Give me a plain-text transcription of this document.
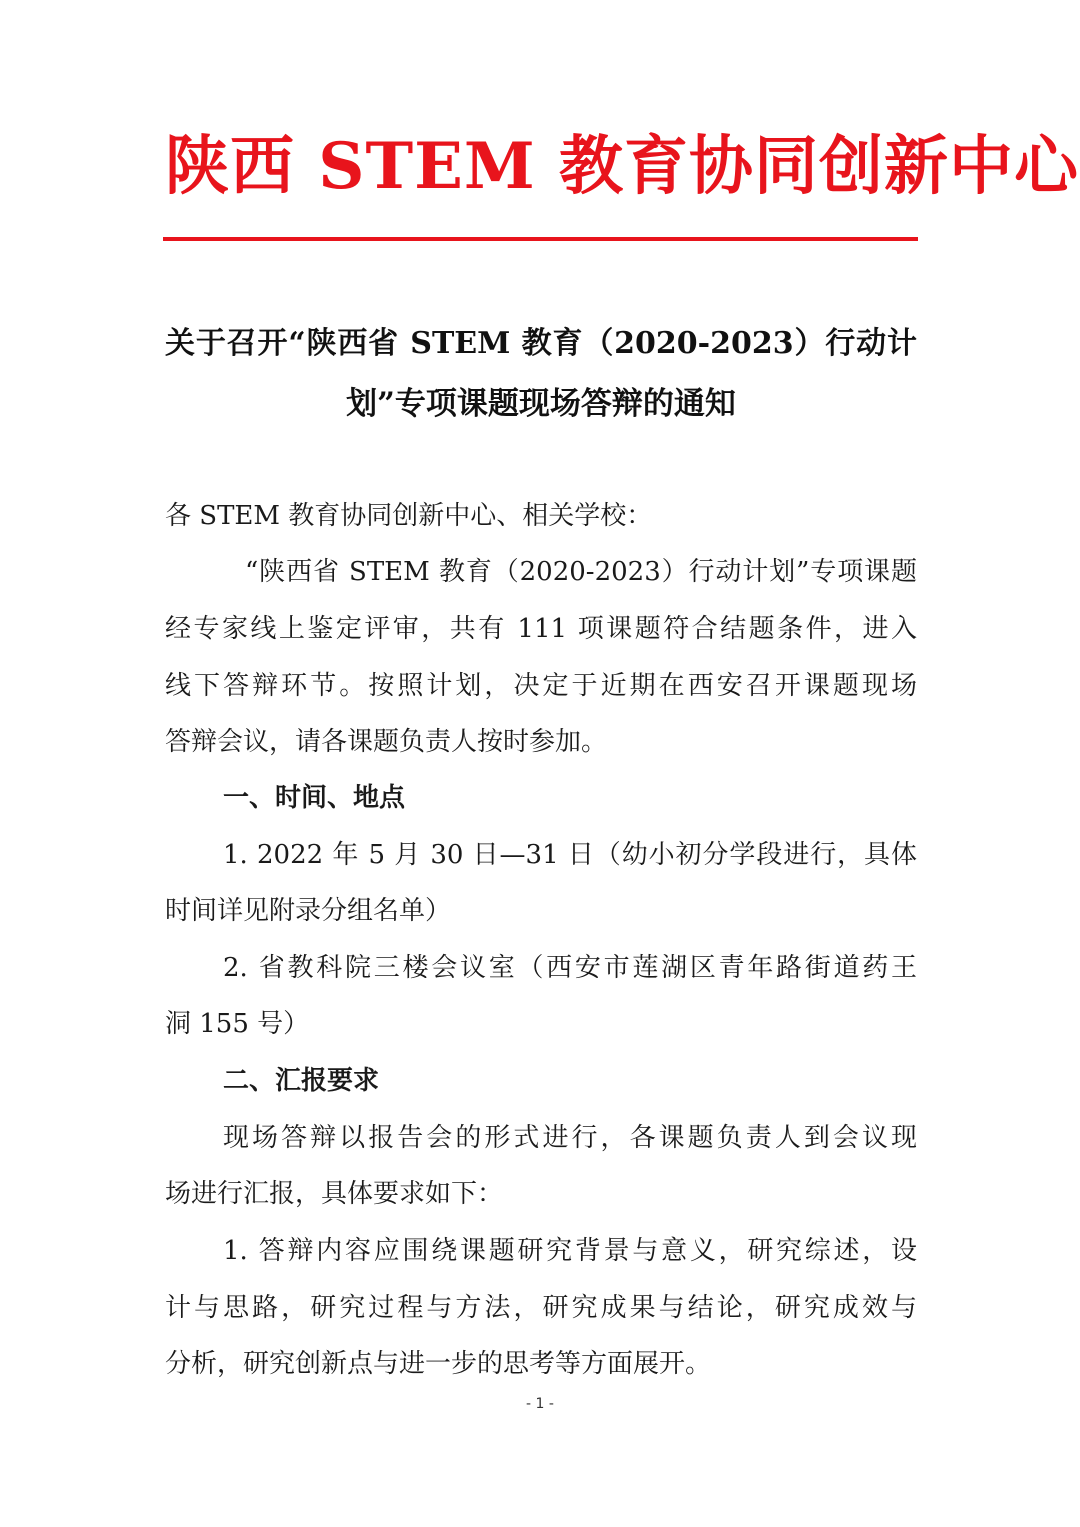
陕西 STEM 教育协同创新中心
关于召开“陕西省 STEM 教育（2020-2023）行动计
划”专项课题现场答辩的通知
各 STEM 教育协同创新中心、相关学校：
“陕西省 STEM 教育（2020-2023）行动计划”专项课题
经专家线上鉴定评审，共有 111 项课题符合结题条件，进入
线下答辩环节。按照计划，决定于近期在西安召开课题现场
答辩会议，请各课题负责人按时参加。
一、时间、地点
1. 2022 年 5 月 30 日—31 日（幼小初分学段进行，具体
时间详见附录分组名单）
2. 省教科院三楼会议室（西安市莲湖区青年路街道药王
洞 155 号）
二、汇报要求
现场答辩以报告会的形式进行，各课题负责人到会议现
场进行汇报，具体要求如下：
1. 答辩内容应围绕课题研究背景与意义，研究综述，设
计与思路，研究过程与方法，研究成果与结论，研究成效与
分析，研究创新点与进一步的思考等方面展开。
- 1 -
